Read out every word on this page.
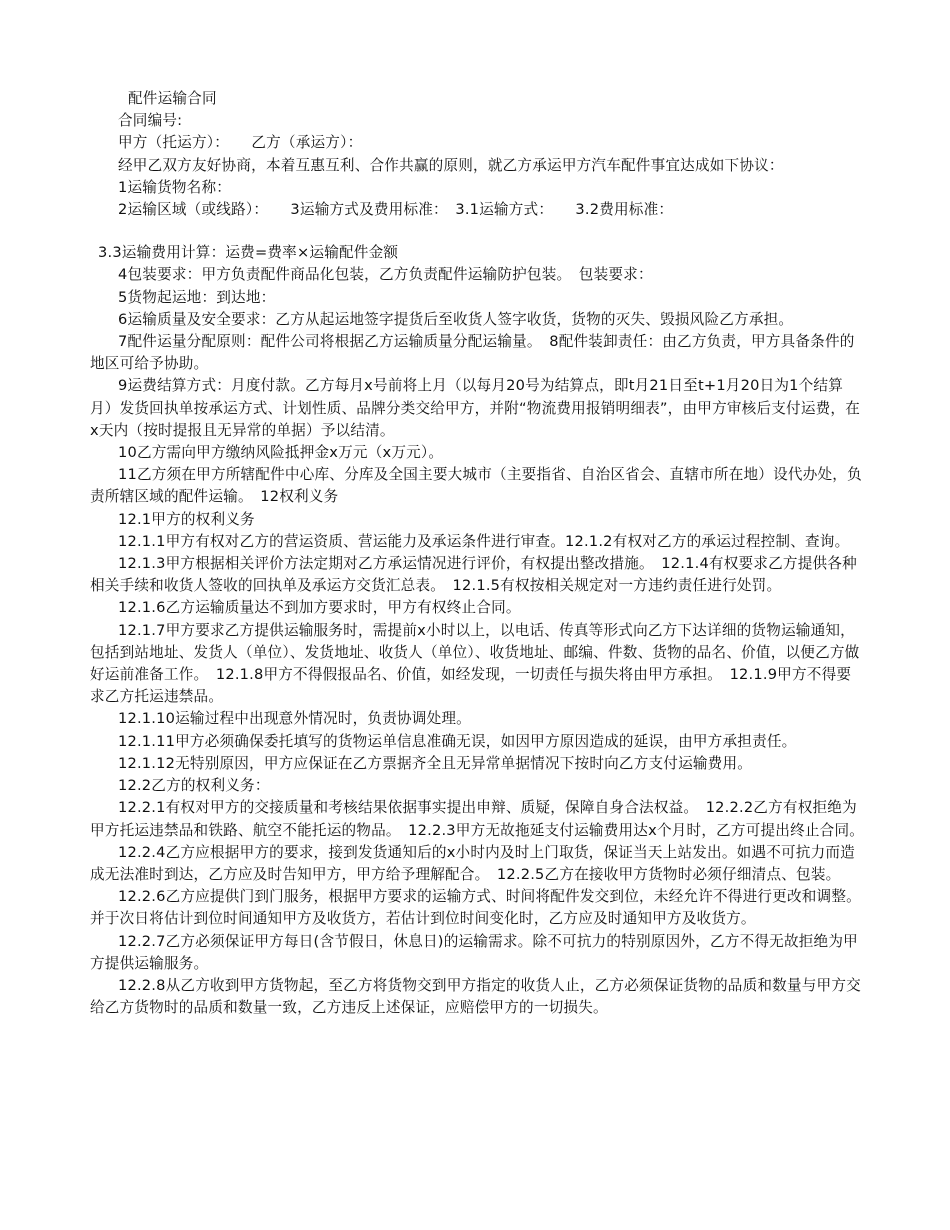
配件运输合同

合同编号:

甲方（托运方）：　　乙方（承运方）：

经甲乙双方友好协商，本着互惠互利、合作共赢的原则，就乙方承运甲方汽车配件事宜达成如下协议：

1运输货物名称：

2运输区域（或线路）：　　3运输方式及费用标准：　3.1运输方式：　　3.2费用标准：

3.3运输费用计算：运费=费率×运输配件金额

4包装要求：甲方负责配件商品化包装，乙方负责配件运输防护包装。　包装要求：

5货物起运地：到达地：

6运输质量及安全要求：乙方从起运地签字提货后至收货人签字收货，货物的灭失、毁损风险乙方承担。

7配件运量分配原则：配件公司将根据乙方运输质量分配运输量。　8配件装卸责任：由乙方负责，甲方具备条件的地区可给予协助。

9运费结算方式：月度付款。乙方每月x号前将上月（以每月20号为结算点，即t月21日至t+1月20日为1个结算月）发货回执单按承运方式、计划性质、品牌分类交给甲方，并附“物流费用报销明细表”，由甲方审核后支付运费，在x天内（按时提报且无异常的单据）予以结清。

10乙方需向甲方缴纳风险抵押金x万元（x万元）。

11乙方须在甲方所辖配件中心库、分库及全国主要大城市（主要指省、自治区省会、直辖市所在地）设代办处，负责所辖区域的配件运输。　12权利义务

12.1甲方的权利义务

12.1.1甲方有权对乙方的营运资质、营运能力及承运条件进行审查。12.1.2有权对乙方的承运过程控制、查询。

12.1.3甲方根据相关评价方法定期对乙方承运情况进行评价，有权提出整改措施。　12.1.4有权要求乙方提供各种相关手续和收货人签收的回执单及承运方交货汇总表。　12.1.5有权按相关规定对一方违约责任进行处罚。

12.1.6乙方运输质量达不到加方要求时，甲方有权终止合同。

12.1.7甲方要求乙方提供运输服务时，需提前x小时以上，以电话、传真等形式向乙方下达详细的货物运输通知，包括到站地址、发货人（单位）、发货地址、收货人（单位）、收货地址、邮编、件数、货物的品名、价值，以便乙方做好运前准备工作。　12.1.8甲方不得假报品名、价值，如经发现，一切责任与损失将由甲方承担。　12.1.9甲方不得要求乙方托运违禁品。

12.1.10运输过程中出现意外情况时，负责协调处理。

12.1.11甲方必须确保委托填写的货物运单信息准确无误，如因甲方原因造成的延误，由甲方承担责任。

12.1.12无特别原因，甲方应保证在乙方票据齐全且无异常单据情况下按时向乙方支付运输费用。

12.2乙方的权利义务：

12.2.1有权对甲方的交接质量和考核结果依据事实提出申辩、质疑，保障自身合法权益。　12.2.2乙方有权拒绝为甲方托运违禁品和铁路、航空不能托运的物品。　12.2.3甲方无故拖延支付运输费用达x个月时，乙方可提出终止合同。

12.2.4乙方应根据甲方的要求，接到发货通知后的x小时内及时上门取货，保证当天上站发出。如遇不可抗力而造成无法准时到达，乙方应及时告知甲方，甲方给予理解配合。　12.2.5乙方在接收甲方货物时必须仔细清点、包装。

12.2.6乙方应提供门到门服务，根据甲方要求的运输方式、时间将配件发交到位，未经允许不得进行更改和调整。并于次日将估计到位时间通知甲方及收货方，若估计到位时间变化时，乙方应及时通知甲方及收货方。

12.2.7乙方必须保证甲方每日(含节假日，休息日)的运输需求。除不可抗力的特别原因外，乙方不得无故拒绝为甲方提供运输服务。

12.2.8从乙方收到甲方货物起，至乙方将货物交到甲方指定的收货人止，乙方必须保证货物的品质和数量与甲方交给乙方货物时的品质和数量一致，乙方违反上述保证，应赔偿甲方的一切损失。
